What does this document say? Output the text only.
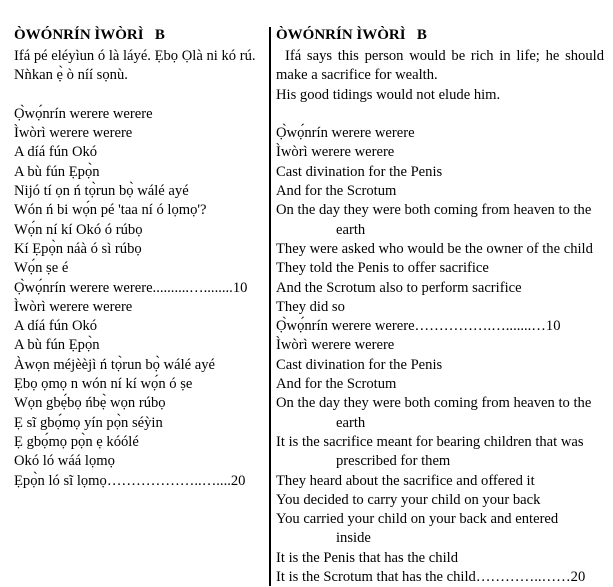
ÒWÓNRÍN ÌWÒRÌ   B

Ifá pé eléyìun ó là láyé. Ẹbọ Ọlà ni kó rú.

Nǹkan ẹ̀ ò níí sọnù.

Ọ̀wọ́nrín werere werere
Ìwòrì werere werere
A díá fún Okó
A bù fún Ẹpọ̀n
Nijó tí ọn ń tọ̀run bọ̀ wálé ayé
Wón ń bi wọ́n pé 'taa ní ó lọmọ'?
Wọ́n ní kí Okó ó rúbọ
Kí Ẹpọ̀n náà ó sì rúbọ
Wọ́n ṣe é
Ọ̀wọ́nrín werere werere..........…........10
Ìwòrì werere werere
A díá fún Okó
A bù fún Ẹpọ̀n
Àwọn méjèèjì ń tọ̀run bọ̀ wálé ayé
Ẹbọ ọmọ n wón ní kí wọ́n ó ṣe
Wọn gbẹ́bọ ńbẹ̀ wọn rúbọ
Ẹ sĩ gbọ́mọ yín pọ̀n séỳin
Ẹ gbọ́mọ pọ̀n ẹ kóólé
Okó ló wáá lọmọ
Ẹpọ̀n ló sĩ lọmọ………………..…....20
ÒWÓNRÍN ÌWÒRÌ   B

Ifá says this person would be rich in life; he should make a sacrifice for wealth.

His good tidings would not elude him.

Ọ̀wọ́nrín werere werere
Ìwòrì werere werere
Cast divination for the Penis
And for the Scrotum
On the day they were both coming from heaven to the
earth
They were asked who would be the owner of the child
They told the Penis to offer sacrifice
And the Scrotum also to perform sacrifice
They did so
Ọ̀wọ́nrín werere werere…………….….......…10
Ìwòrì werere werere
Cast divination for the Penis
And for the Scrotum
On the day they were both coming from heaven to the
earth
It is the sacrifice meant for bearing children that was
prescribed for them
They heard about the sacrifice and offered it
You decided to carry your child on your back
You carried your child on your back and entered
inside
It is the Penis that has the child
It is the Scrotum that has the child…………..……20
